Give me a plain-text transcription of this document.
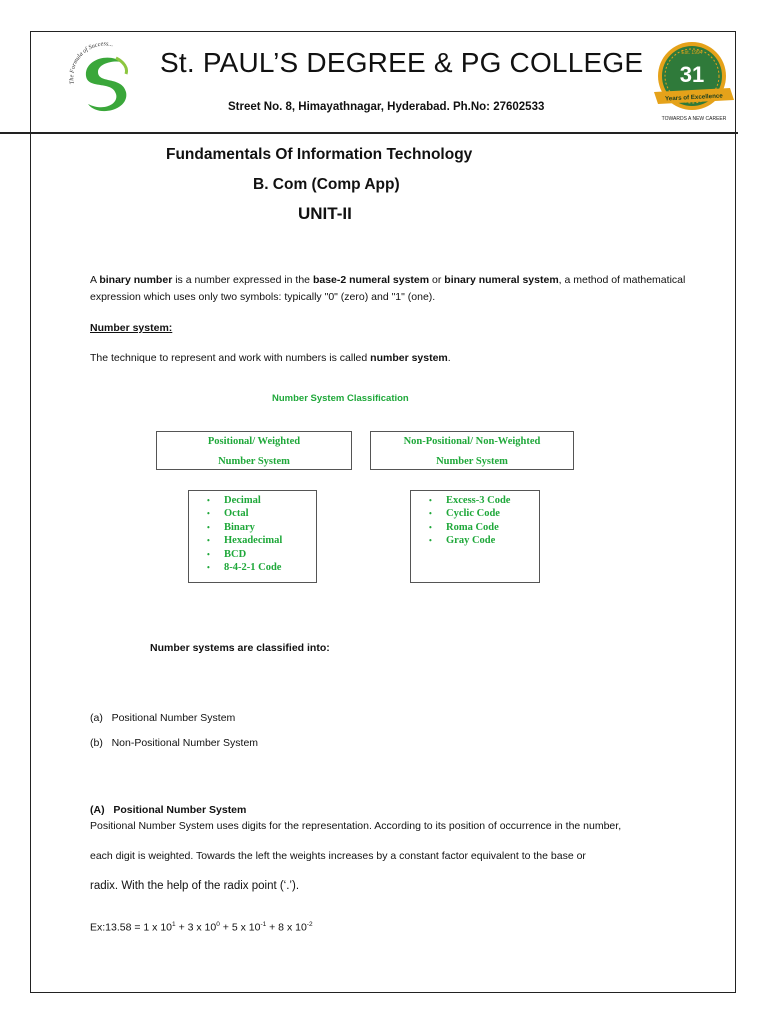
The Formula of Success...
St. PAUL’S DEGREE & PG COLLEGE
Street No. 8, Himayathnagar, Hyderabad. Ph.No: 27602533
Est. 1994
31
Years of Excellence
TOWARDS A NEW CAREER
Fundamentals Of Information Technology
B. Com (Comp App)
UNIT-II
A binary number is a number expressed in the base-2 numeral system or binary numeral system, a method of mathematical expression which uses only two symbols: typically "0" (zero) and "1" (one).
Number system:
The technique to represent and work with numbers is called number system.
Number System Classification
Positional/ Weighted
Number System
Non-Positional/ Non-Weighted
Number System
• Decimal
• Octal
• Binary
• Hexadecimal
• BCD
• 8-4-2-1 Code
• Excess-3 Code
• Cyclic Code
• Roma Code
• Gray Code
Number systems are classified into:
(a)   Positional Number System
(b)   Non-Positional Number System
(A)   Positional Number System
Positional Number System uses digits for the representation. According to its position of occurrence in the number,
each digit is weighted. Towards the left the weights increases by a constant factor equivalent to the base or
radix. With the help of the radix point (‘.’).
Ex:13.58 = 1 x $10^1 + 3$ x $10^0 + 5$ x $10^{-1} + 8$ x $10^{-2}$
